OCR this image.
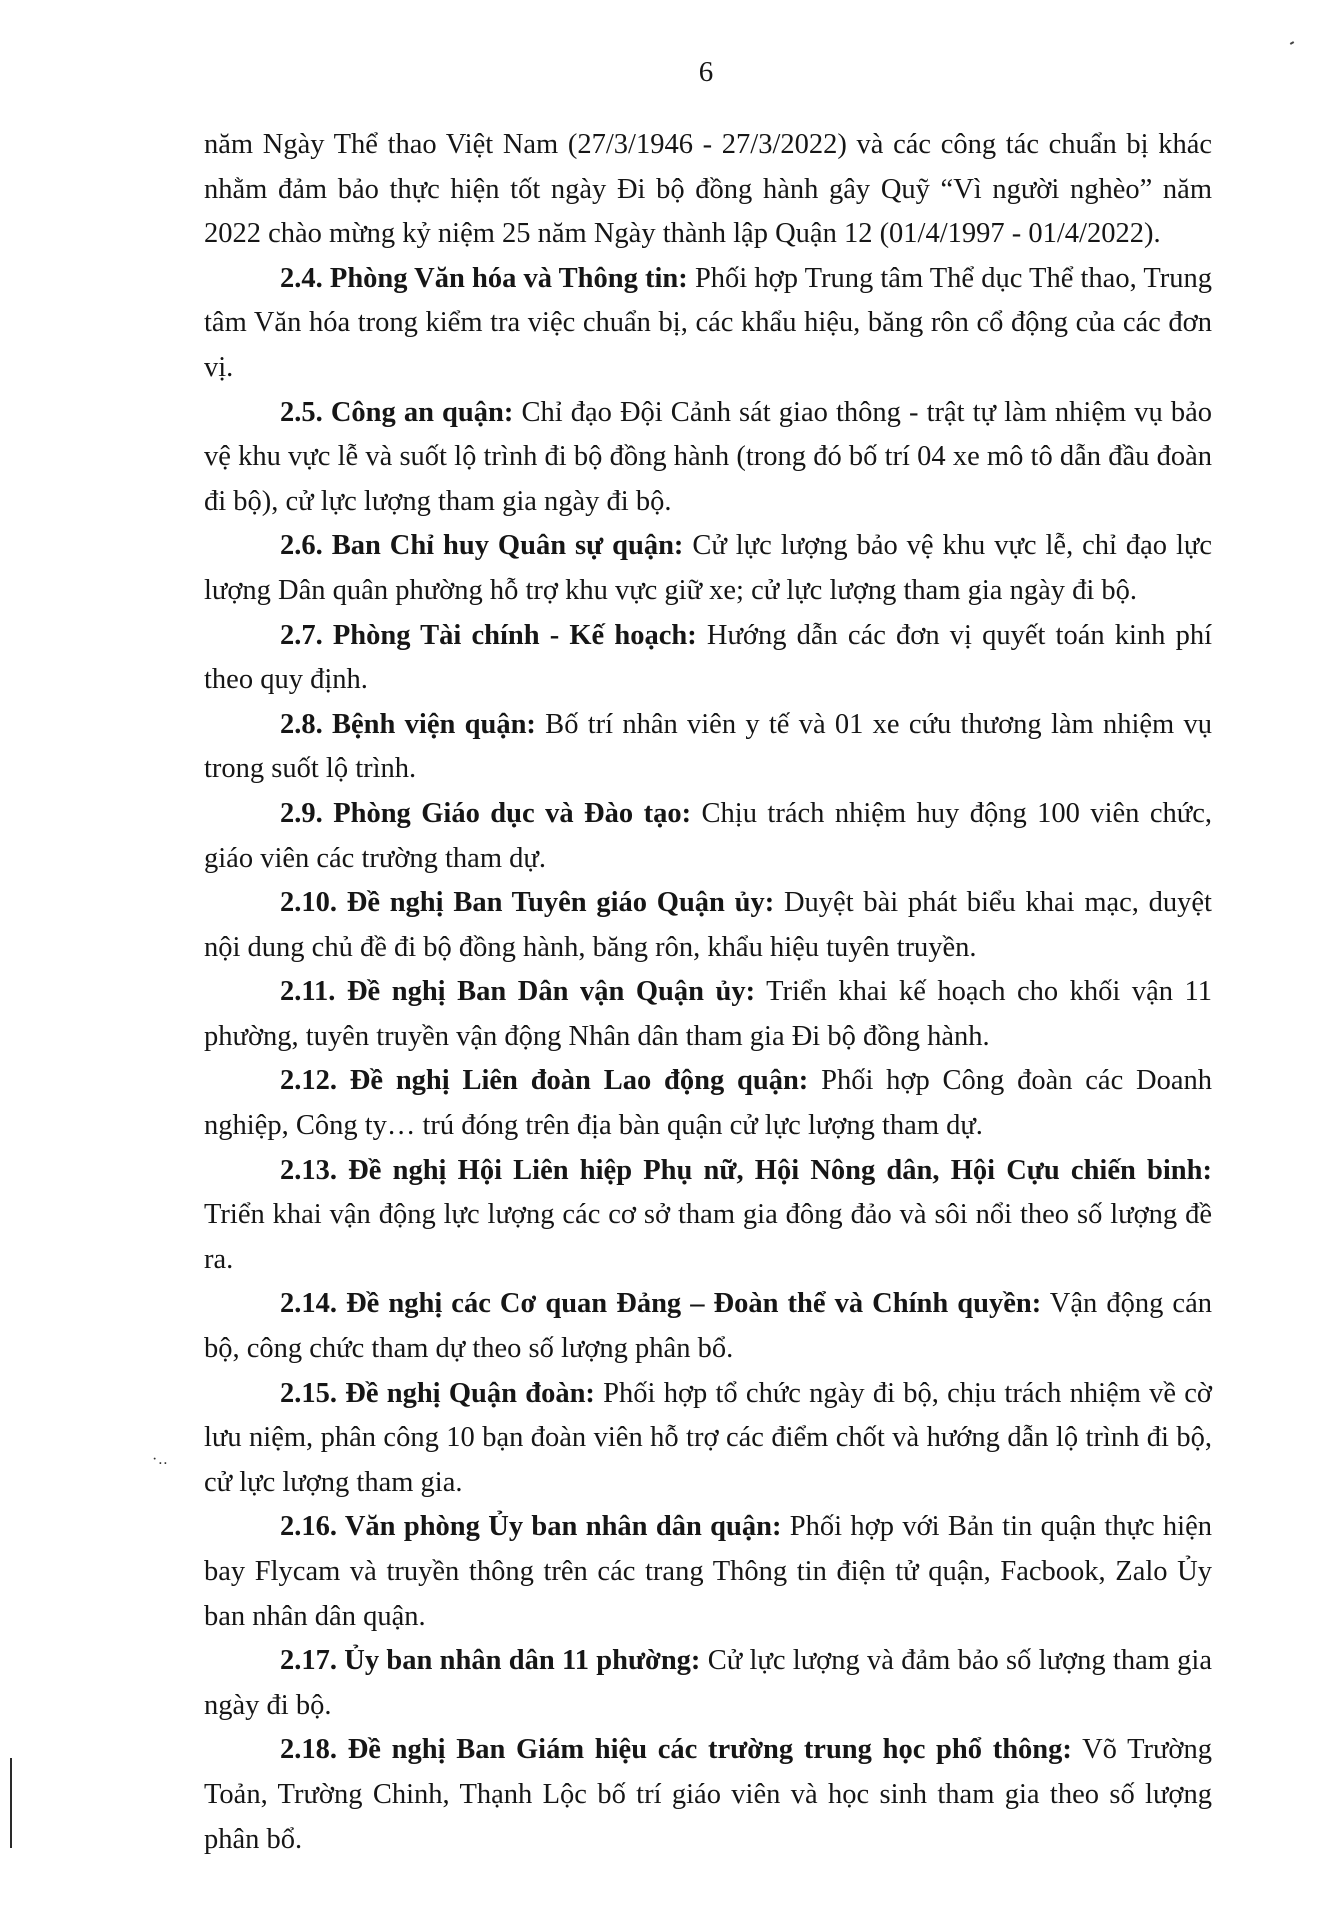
6

năm Ngày Thể thao Việt Nam (27/3/1946 - 27/3/2022) và các công tác chuẩn bị khác nhằm đảm bảo thực hiện tốt ngày Đi bộ đồng hành gây Quỹ “Vì người nghèo” năm 2022 chào mừng kỷ niệm 25 năm Ngày thành lập Quận 12 (01/4/1997 - 01/4/2022).

2.4. Phòng Văn hóa và Thông tin: Phối hợp Trung tâm Thể dục Thể thao, Trung tâm Văn hóa trong kiểm tra việc chuẩn bị, các khẩu hiệu, băng rôn cổ động của các đơn vị.

2.5. Công an quận: Chỉ đạo Đội Cảnh sát giao thông - trật tự làm nhiệm vụ bảo vệ khu vực lễ và suốt lộ trình đi bộ đồng hành (trong đó bố trí 04 xe mô tô dẫn đầu đoàn đi bộ), cử lực lượng tham gia ngày đi bộ.

2.6. Ban Chỉ huy Quân sự quận: Cử lực lượng bảo vệ khu vực lễ, chỉ đạo lực lượng Dân quân phường hỗ trợ khu vực giữ xe; cử lực lượng tham gia ngày đi bộ.

2.7. Phòng Tài chính - Kế hoạch: Hướng dẫn các đơn vị quyết toán kinh phí theo quy định.

2.8. Bệnh viện quận: Bố trí nhân viên y tế và 01 xe cứu thương làm nhiệm vụ trong suốt lộ trình.

2.9. Phòng Giáo dục và Đào tạo: Chịu trách nhiệm huy động 100 viên chức, giáo viên các trường tham dự.

2.10. Đề nghị Ban Tuyên giáo Quận ủy: Duyệt bài phát biểu khai mạc, duyệt nội dung chủ đề đi bộ đồng hành, băng rôn, khẩu hiệu tuyên truyền.

2.11. Đề nghị Ban Dân vận Quận ủy: Triển khai kế hoạch cho khối vận 11 phường, tuyên truyền vận động Nhân dân tham gia Đi bộ đồng hành.

2.12. Đề nghị Liên đoàn Lao động quận: Phối hợp Công đoàn các Doanh nghiệp, Công ty… trú đóng trên địa bàn quận cử lực lượng tham dự.

2.13. Đề nghị Hội Liên hiệp Phụ nữ, Hội Nông dân, Hội Cựu chiến binh: Triển khai vận động lực lượng các cơ sở tham gia đông đảo và sôi nổi theo số lượng đề ra.

2.14. Đề nghị các Cơ quan Đảng – Đoàn thể và Chính quyền: Vận động cán bộ, công chức tham dự theo số lượng phân bổ.

2.15. Đề nghị Quận đoàn: Phối hợp tổ chức ngày đi bộ, chịu trách nhiệm về cờ lưu niệm, phân công 10 bạn đoàn viên hỗ trợ các điểm chốt và hướng dẫn lộ trình đi bộ, cử lực lượng tham gia.

2.16. Văn phòng Ủy ban nhân dân quận: Phối hợp với Bản tin quận thực hiện bay Flycam và truyền thông trên các trang Thông tin điện tử quận, Facbook, Zalo Ủy ban nhân dân quận.

2.17. Ủy ban nhân dân 11 phường: Cử lực lượng và đảm bảo số lượng tham gia ngày đi bộ.

2.18. Đề nghị Ban Giám hiệu các trường trung học phổ thông: Võ Trường Toản, Trường Chinh, Thạnh Lộc bố trí giáo viên và học sinh tham gia theo số lượng phân bổ.

·..
